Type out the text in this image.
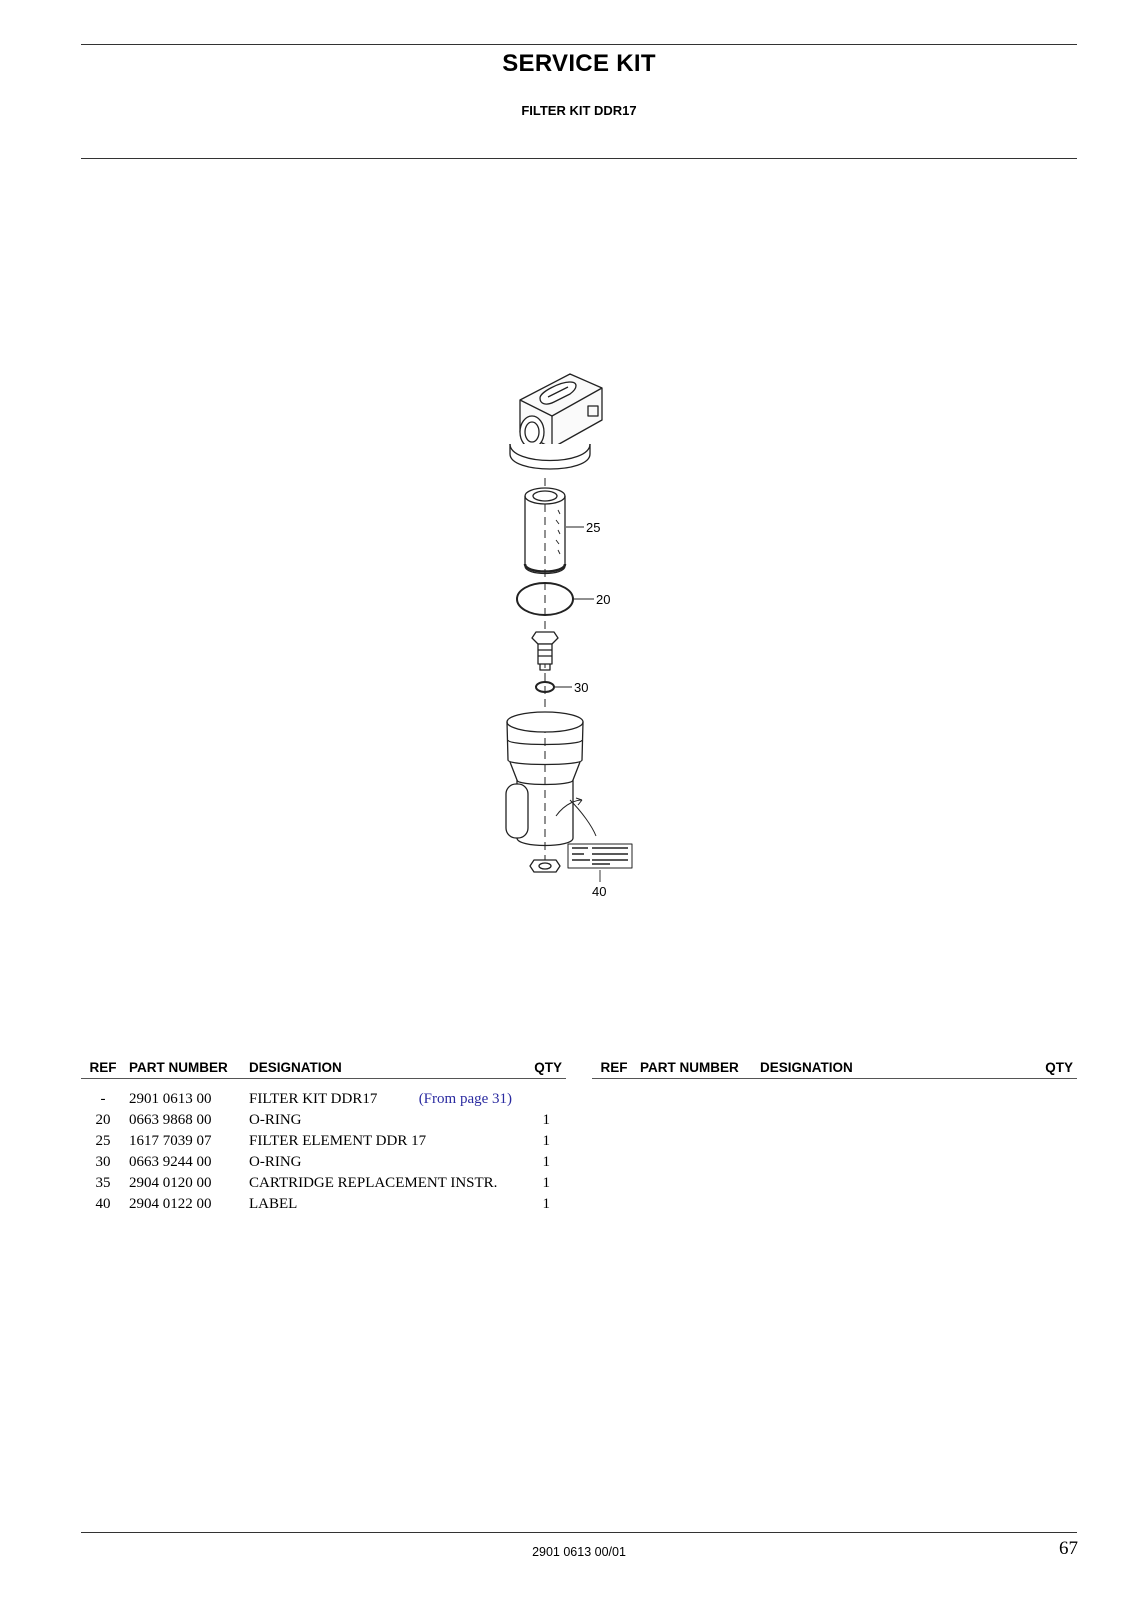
SERVICE KIT
FILTER KIT DDR17
25
20
30
40
REF	PART NUMBER	DESIGNATION	QTY
-	2901 0613 00	FILTER KIT DDR17 (From page 31)	

20	0663 9868 00	O-RING	1
25	1617 7039 07	FILTER ELEMENT DDR 17	1
30	0663 9244 00	O-RING	1
35	2904 0120 00	CARTRIDGE REPLACEMENT INSTR.	1
40	2904 0122 00	LABEL	1
REF	PART NUMBER	DESIGNATION	QTY
2901 0613 00/01	67
